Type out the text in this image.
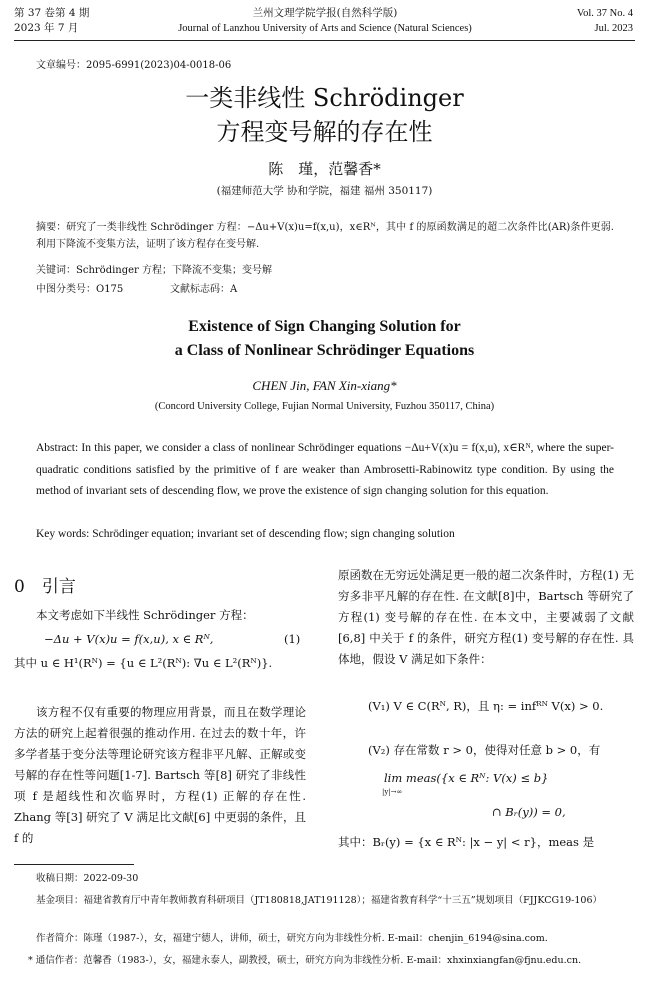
第 37 卷第 4 期
2023 年 7 月
兰州文理学院学报(自然科学版)
Journal of Lanzhou University of Arts and Science (Natural Sciences)
Vol. 37 No. 4
Jul. 2023
文章编号：2095-6991(2023)04-0018-06
一类非线性 Schrödinger
方程变号解的存在性
陈　瑾，范馨香*
(福建师范大学 协和学院，福建 福州 350117)
摘要：研究了一类非线性 Schrödinger 方程：−Δu+V(x)u=f(x,u)，x∈Rᴺ，其中 f 的原函数满足的超二次条件比(AR)条件更弱. 利用下降流不变集方法，证明了该方程存在变号解.
关键词：Schrödinger 方程；下降流不变集；变号解
中图分类号：O175	文献标志码：A
Existence of Sign Changing Solution for
a Class of Nonlinear Schrödinger Equations
CHEN Jin, FAN Xin-xiang*
(Concord University College, Fujian Normal University, Fuzhou 350117, China)
Abstract: In this paper, we consider a class of nonlinear Schrödinger equations −Δu+V(x)u = f(x,u), x∈Rᴺ, where the super-quadratic conditions satisfied by the primitive of f are weaker than Ambrosetti-Rabinowitz type condition. By using the method of invariant sets of descending flow, we prove the existence of sign changing solution for this equation.
Key words: Schrödinger equation; invariant set of descending flow; sign changing solution
0　引言
本文考虑如下半线性 Schrödinger 方程：
−Δu + V(x)u = f(x,u), x ∈ Rᴺ,	(1)
其中 u ∈ H¹(Rᴺ) = {u ∈ L²(Rᴺ): ∇u ∈ L²(Rᴺ)}.
该方程不仅有重要的物理应用背景，而且在数学理论方法的研究上起着很强的推动作用. 在过去的数十年，许多学者基于变分法等理论研究该方程非平凡解、正解或变号解的存在性等问题[1-7]. Bartsch 等[8] 研究了非线性项 f 是超线性和次临界时，方程(1) 正解的存在性. Zhang 等[3] 研究了 V 满足比文献[6] 中更弱的条件，且 f 的
原函数在无穷远处满足更一般的超二次条件时，方程(1) 无穷多非平凡解的存在性. 在文献[8]中，Bartsch 等研究了方程(1) 变号解的存在性. 在本文中，主要减弱了文献[6,8] 中关于 f 的条件，研究方程(1) 变号解的存在性. 具体地，假设 V 满足如下条件：
(V₁) V ∈ C(Rᴺ, R)，且 η: = infᴿᴺ V(x) > 0.
(V₂) 存在常数 r > 0，使得对任意 b > 0，有
lim meas({x ∈ Rᴺ: V(x) ≤ b}
|y|→∞
∩ Bᵣ(y)) = 0,
其中：Bᵣ(y) = {x ∈ Rᴺ: |x − y| < r}，meas 是
收稿日期：2022-09-30
基金项目：福建省教育厅中青年教师教育科研项目（JT180818,JAT191128）；福建省教育科学“十三五”规划项目（FJJKCG19-106）
作者简介：陈瑾（1987-），女，福建宁德人，讲师，硕士，研究方向为非线性分析. E-mail：chenjin_6194@sina.com.
* 通信作者：范馨香（1983-），女，福建永泰人，副教授，硕士，研究方向为非线性分析. E-mail：xhxinxiangfan@fjnu.edu.cn.
